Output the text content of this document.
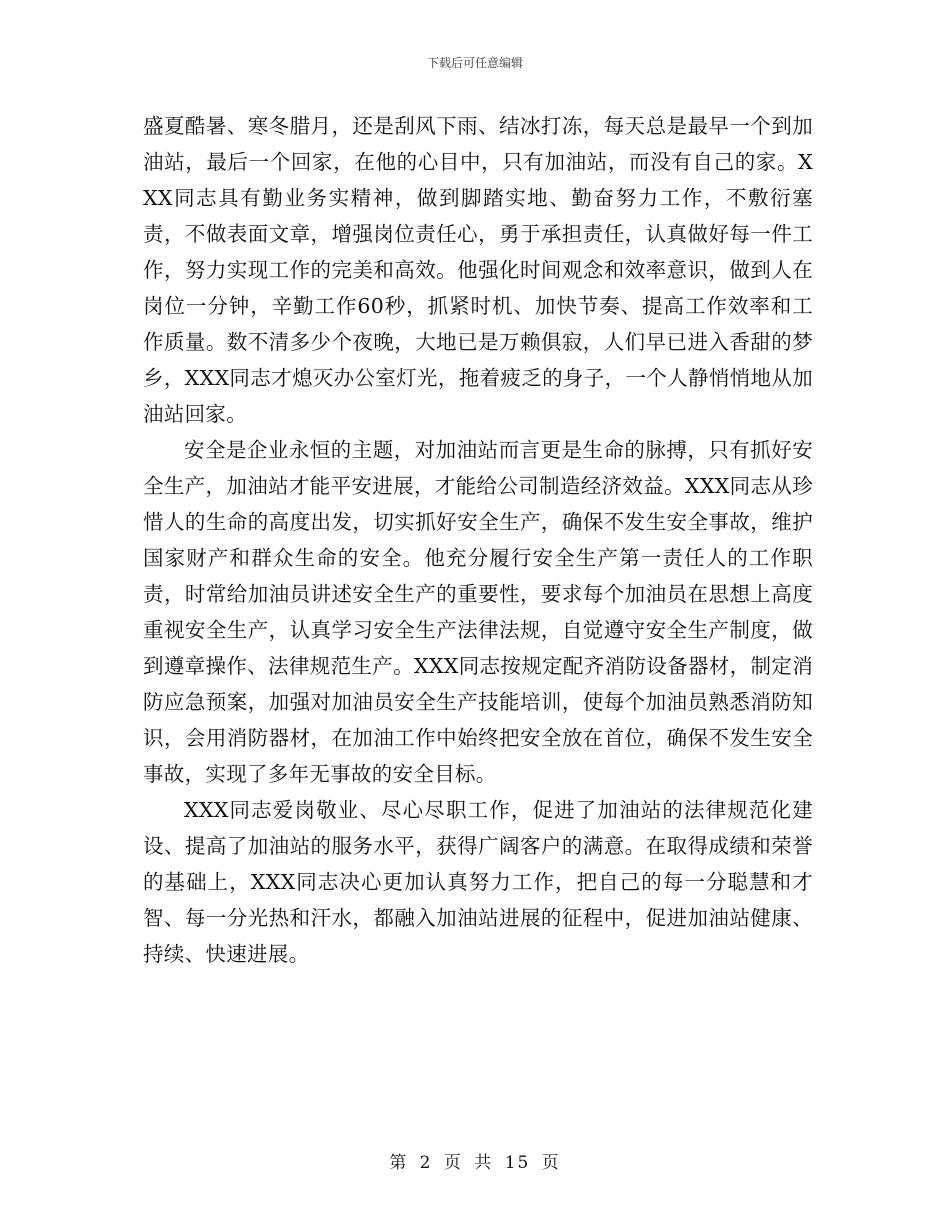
下载后可任意编辑

盛夏酷暑、寒冬腊月，还是刮风下雨、结冰打冻，每天总是最早一个到加油站，最后一个回家，在他的心目中，只有加油站，而没有自己的家。XXX同志具有勤业务实精神，做到脚踏实地、勤奋努力工作，不敷衍塞责，不做表面文章，增强岗位责任心，勇于承担责任，认真做好每一件工作，努力实现工作的完美和高效。他强化时间观念和效率意识，做到人在岗位一分钟，辛勤工作60秒，抓紧时机、加快节奏、提高工作效率和工作质量。数不清多少个夜晚，大地已是万赖俱寂，人们早已进入香甜的梦乡，XXX同志才熄灭办公室灯光，拖着疲乏的身子，一个人静悄悄地从加油站回家。

安全是企业永恒的主题，对加油站而言更是生命的脉搏，只有抓好安全生产，加油站才能平安进展，才能给公司制造经济效益。XXX同志从珍惜人的生命的高度出发，切实抓好安全生产，确保不发生安全事故，维护国家财产和群众生命的安全。他充分履行安全生产第一责任人的工作职责，时常给加油员讲述安全生产的重要性，要求每个加油员在思想上高度重视安全生产，认真学习安全生产法律法规，自觉遵守安全生产制度，做到遵章操作、法律规范生产。XXX同志按规定配齐消防设备器材，制定消防应急预案，加强对加油员安全生产技能培训，使每个加油员熟悉消防知识，会用消防器材，在加油工作中始终把安全放在首位，确保不发生安全事故，实现了多年无事故的安全目标。

XXX同志爱岗敬业、尽心尽职工作，促进了加油站的法律规范化建设、提高了加油站的服务水平，获得广阔客户的满意。在取得成绩和荣誉的基础上，XXX同志决心更加认真努力工作，把自己的每一分聪慧和才智、每一分光热和汗水，都融入加油站进展的征程中，促进加油站健康、持续、快速进展。

第 2 页 共 15 页
